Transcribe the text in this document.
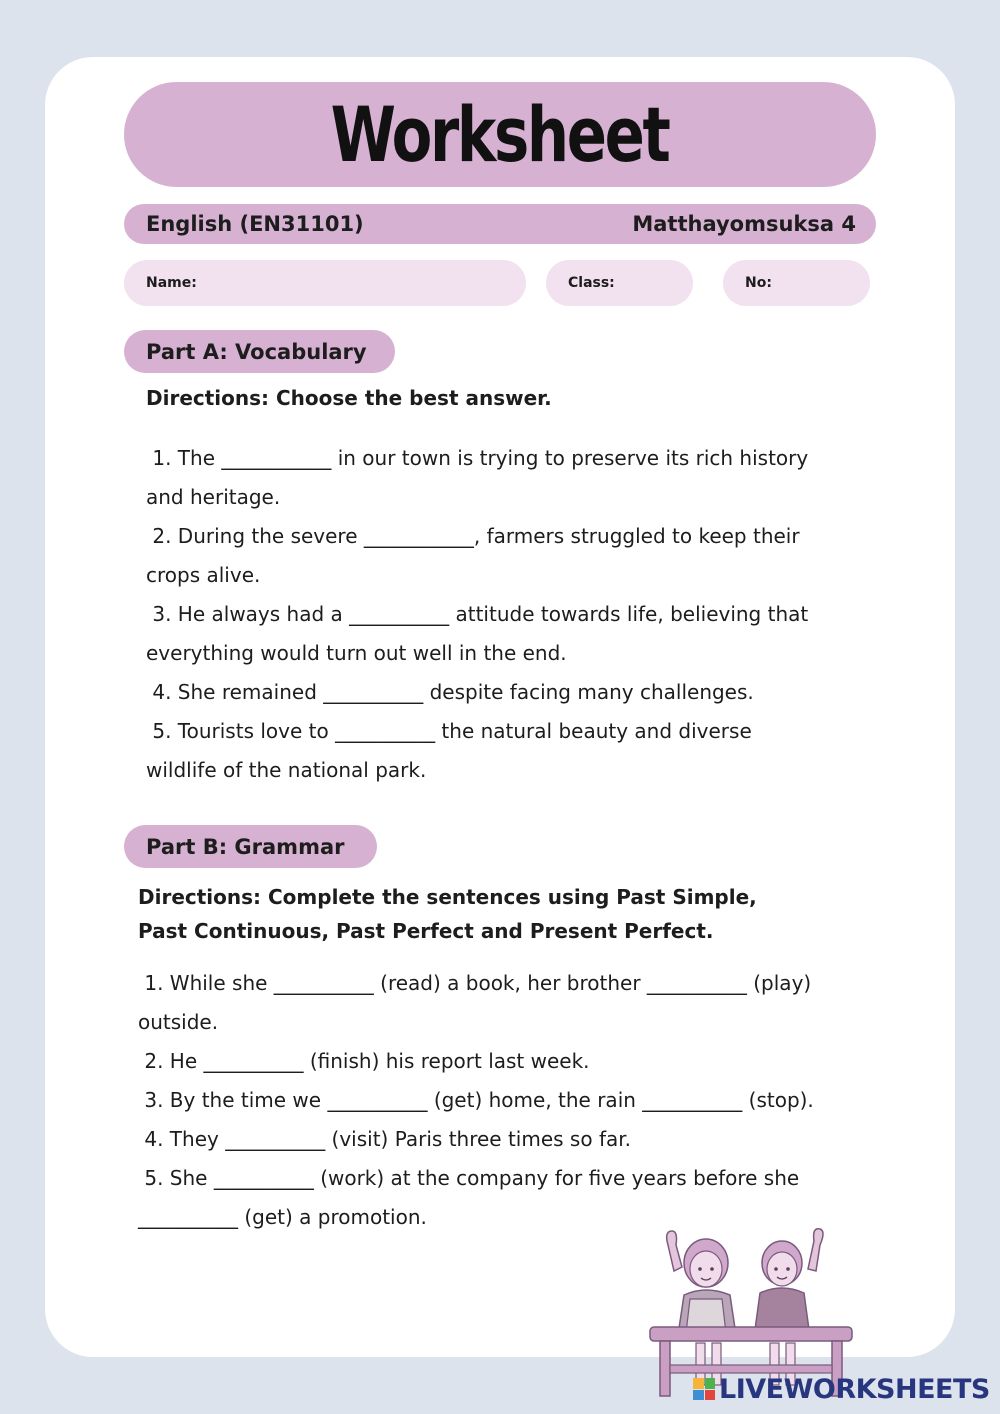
Worksheet
English (EN31101)	Matthayomsuksa 4
Name:	Class:	No:
Part A: Vocabulary
Directions: Choose the best answer.
1. The ___________ in our town is trying to preserve its rich history
and heritage.
2. During the severe ___________, farmers struggled to keep their
crops alive.
3. He always had a __________ attitude towards life, believing that
everything would turn out well in the end.
4. She remained __________ despite facing many challenges.
5. Tourists love to __________ the natural beauty and diverse
wildlife of the national park.
Part B: Grammar
Directions: Complete the sentences using Past Simple,
Past Continuous, Past Perfect and Present Perfect.
1. While she __________ (read) a book, her brother __________ (play)
outside.
2. He __________ (finish) his report last week.
3. By the time we __________ (get) home, the rain __________ (stop).
4. They __________ (visit) Paris three times so far.
5. She __________ (work) at the company for five years before she
__________ (get) a promotion.
LIVEWORKSHEETS
